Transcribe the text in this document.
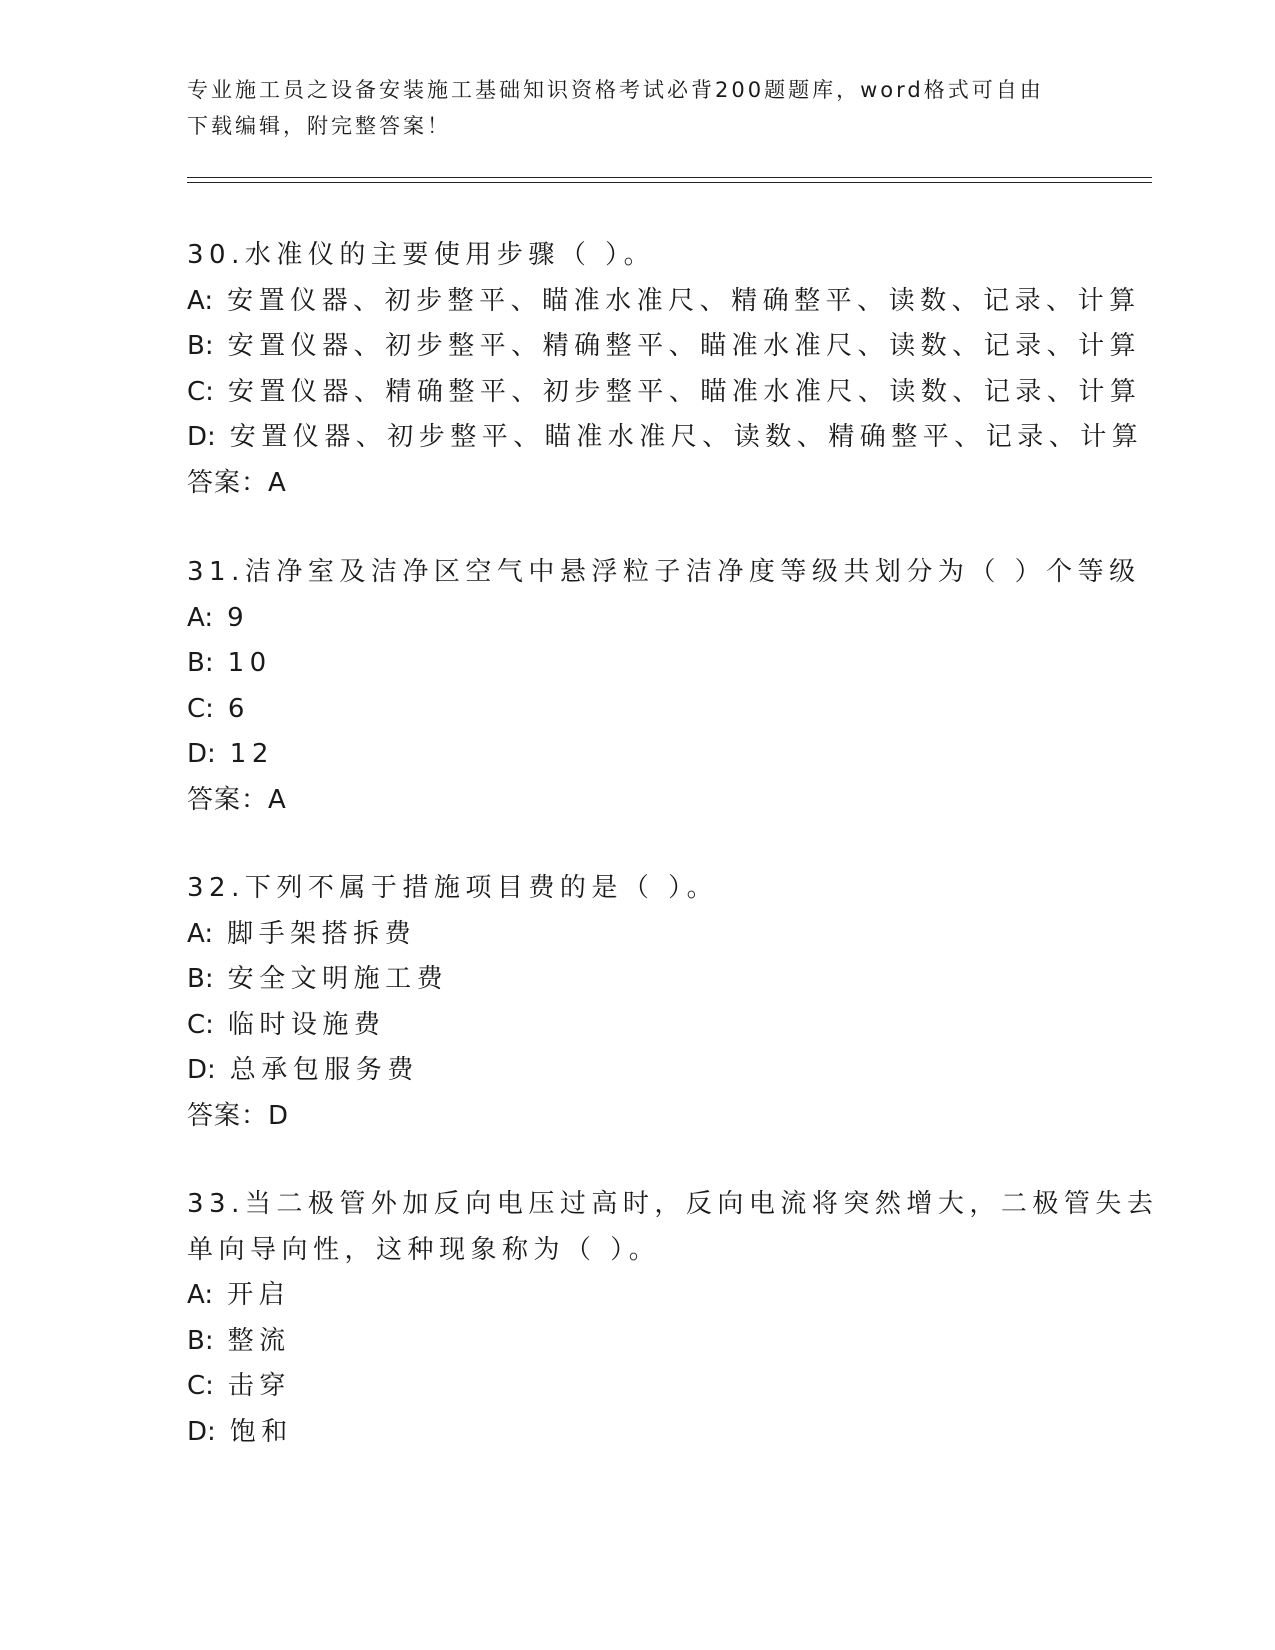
专业施工员之设备安装施工基础知识资格考试必背200题题库，word格式可自由
下载编辑，附完整答案！
30.水准仪的主要使用步骤（ ）。
A: 安置仪器、初步整平、瞄准水准尺、精确整平、读数、记录、计算
B: 安置仪器、初步整平、精确整平、瞄准水准尺、读数、记录、计算
C: 安置仪器、精确整平、初步整平、瞄准水准尺、读数、记录、计算
D: 安置仪器、初步整平、瞄准水准尺、读数、精确整平、记录、计算
答案：A
31.洁净室及洁净区空气中悬浮粒子洁净度等级共划分为（ ）个等级
A: 9
B: 10
C: 6
D: 12
答案：A
32.下列不属于措施项目费的是（ ）。
A: 脚手架搭拆费
B: 安全文明施工费
C: 临时设施费
D: 总承包服务费
答案：D
33.当二极管外加反向电压过高时，反向电流将突然增大，二极管失去
单向导向性，这种现象称为（ ）。
A: 开启
B: 整流
C: 击穿
D: 饱和
